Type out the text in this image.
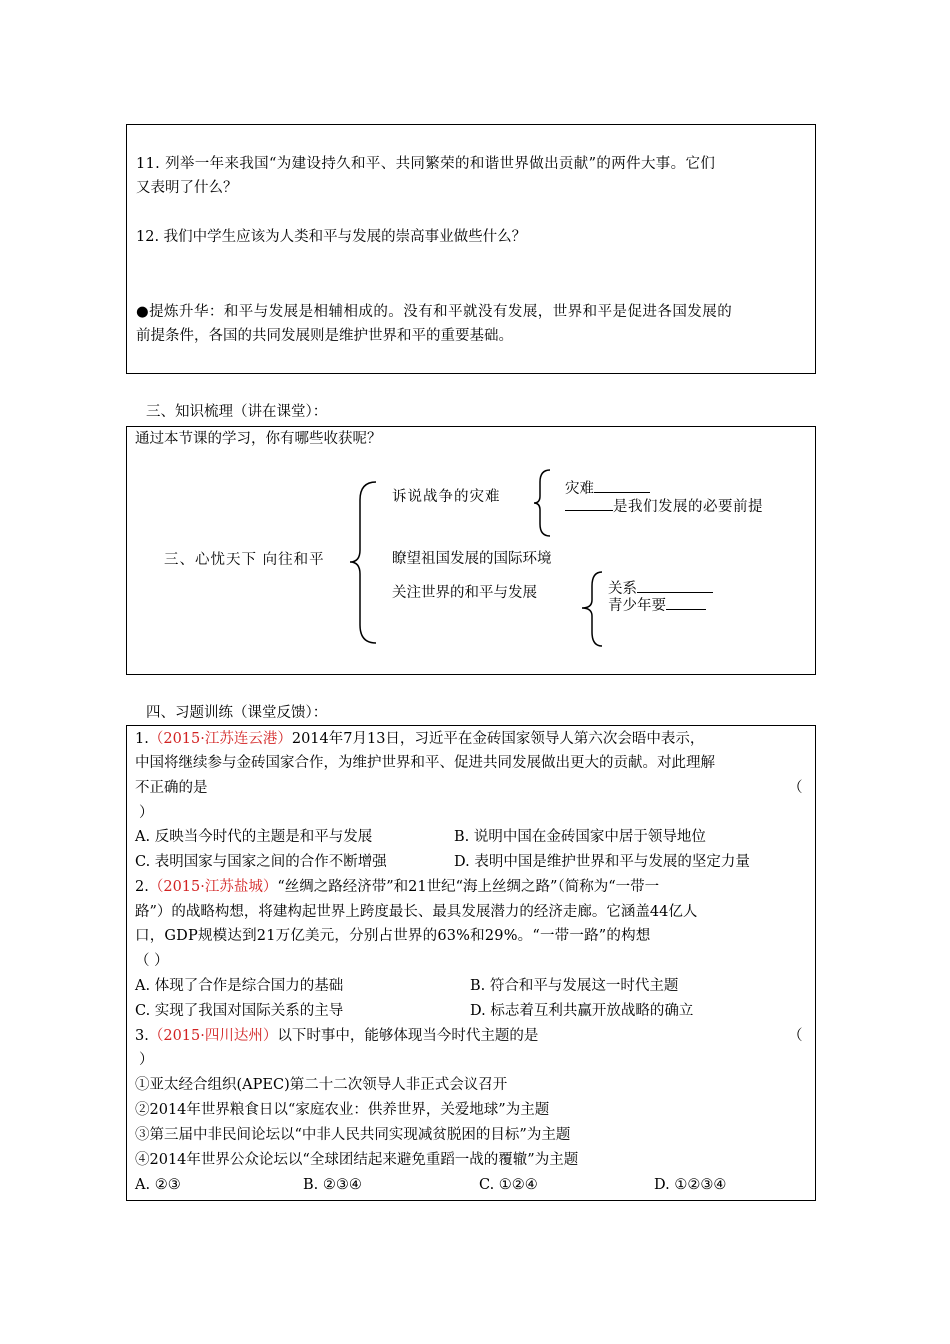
11. 列举一年来我国“为建设持久和平、共同繁荣的和谐世界做出贡献”的两件大事。它们
又表明了什么？
12. 我们中学生应该为人类和平与发展的崇高事业做些什么？
●提炼升华：和平与发展是相辅相成的。没有和平就没有发展，世界和平是促进各国发展的
前提条件，各国的共同发展则是维护世界和平的重要基础。
三、知识梳理（讲在课堂）：
通过本节课的学习，你有哪些收获呢？
三、心忧天下 向往和平
诉说战争的灾难
瞭望祖国发展的国际环境
关注世界的和平与发展
灾难
是我们发展的必要前提
关系
青少年要
四、习题训练（课堂反馈）：
1.（2015·江苏连云港）2014年7月13日，习近平在金砖国家领导人第六次会晤中表示，
中国将继续参与金砖国家合作，为维护世界和平、促进共同发展做出更大的贡献。对此理解
不正确的是	（
）
A. 反映当今时代的主题是和平与发展	B. 说明中国在金砖国家中居于领导地位
C. 表明国家与国家之间的合作不断增强	D. 表明中国是维护世界和平与发展的坚定力量
2.（2015·江苏盐城）“丝绸之路经济带”和21世纪“海上丝绸之路”（简称为“一带一
路”）的战略构想，将建构起世界上跨度最长、最具发展潜力的经济走廊。它涵盖44亿人
口，GDP规模达到21万亿美元，分别占世界的63%和29%。“一带一路”的构想
（ ）
A. 体现了合作是综合国力的基础	B. 符合和平与发展这一时代主题
C. 实现了我国对国际关系的主导	D. 标志着互利共赢开放战略的确立
3.（2015·四川达州）以下时事中，能够体现当今时代主题的是	（
）
①亚太经合组织(APEC)第二十二次领导人非正式会议召开
②2014年世界粮食日以“家庭农业：供养世界，关爱地球”为主题
③第三届中非民间论坛以“中非人民共同实现减贫脱困的目标”为主题
④2014年世界公众论坛以“全球团结起来避免重蹈一战的覆辙”为主题
A. ②③	B. ②③④	C. ①②④	D. ①②③④
